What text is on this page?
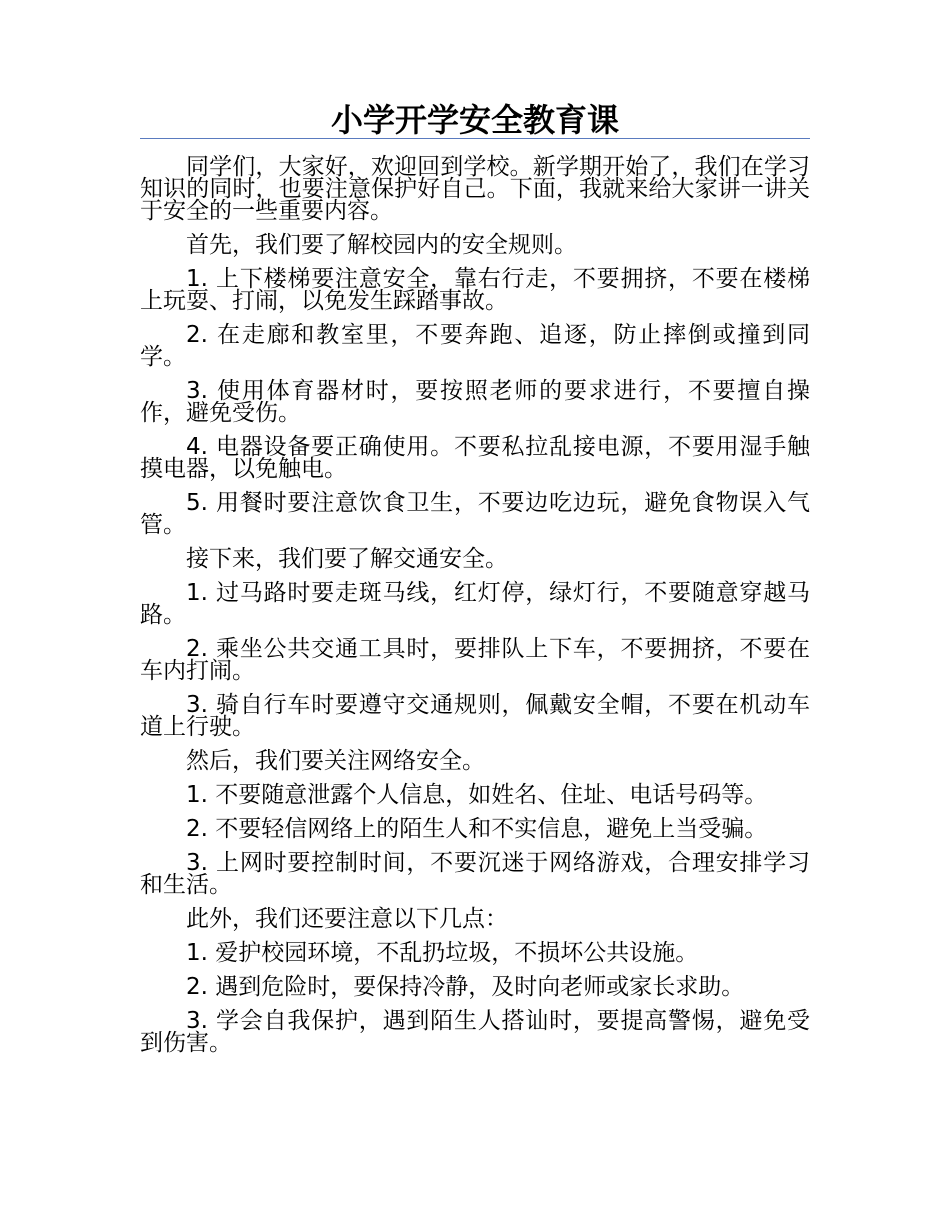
小学开学安全教育课

同学们，大家好，欢迎回到学校。新学期开始了，我们在学习知识的同时，也要注意保护好自己。下面，我就来给大家讲一讲关于安全的一些重要内容。

首先，我们要了解校园内的安全规则。

1. 上下楼梯要注意安全，靠右行走，不要拥挤，不要在楼梯上玩耍、打闹，以免发生踩踏事故。

2. 在走廊和教室里，不要奔跑、追逐，防止摔倒或撞到同学。

3. 使用体育器材时，要按照老师的要求进行，不要擅自操作，避免受伤。

4. 电器设备要正确使用。不要私拉乱接电源，不要用湿手触摸电器，以免触电。

5. 用餐时要注意饮食卫生，不要边吃边玩，避免食物误入气管。

接下来，我们要了解交通安全。

1. 过马路时要走斑马线，红灯停，绿灯行，不要随意穿越马路。

2. 乘坐公共交通工具时，要排队上下车，不要拥挤，不要在车内打闹。

3. 骑自行车时要遵守交通规则，佩戴安全帽，不要在机动车道上行驶。

然后，我们要关注网络安全。

1. 不要随意泄露个人信息，如姓名、住址、电话号码等。

2. 不要轻信网络上的陌生人和不实信息，避免上当受骗。

3. 上网时要控制时间，不要沉迷于网络游戏，合理安排学习和生活。

此外，我们还要注意以下几点：

1. 爱护校园环境，不乱扔垃圾，不损坏公共设施。

2. 遇到危险时，要保持冷静，及时向老师或家长求助。

3. 学会自我保护，遇到陌生人搭讪时，要提高警惕，避免受到伤害。
